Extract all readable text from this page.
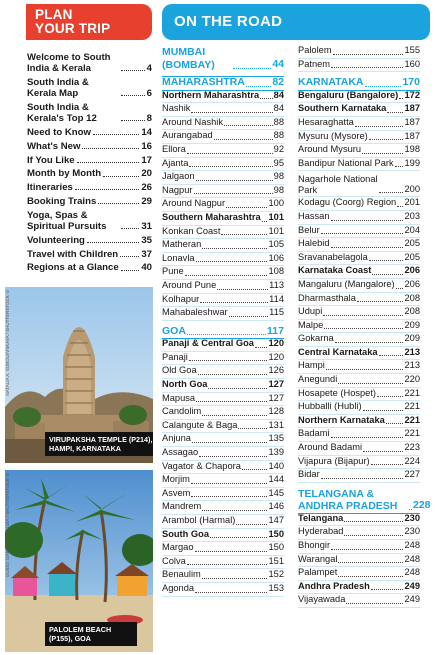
PLAN
YOUR TRIP	ON THE ROAD
Welcome to South India & Kerala	4
South India & Kerala Map	6
South India & Kerala's Top 12	8
Need to Know	14
What's New	16
If You Like	17
Month by Month	20
Itineraries	26
Booking Trains	29
Yoga, Spas & Spiritual Pursuits	31
Volunteering	35
Travel with Children 37
Regions at a Glance 40
NATALIA A. SOBOLEVSKAYA / SHUTTERSTOCK ©
VIRUPAKSHA TEMPLE (P214), HAMPI, KARNATAKA
GUIDO, GABRIELLA SALVIA / SHUTTERSTOCK ©
PALOLEM BEACH (P155), GOA
MUMBAI (BOMBAY)	44
MAHARASHTRA	82
Northern Maharashtra 84
Nashik	84
Around Nashik	88
Aurangabad	88
Ellora	92
Ajanta	95
Jalgaon	98
Nagpur	98
Around Nagpur	100
Southern Maharashtra 101
Konkan Coast	101
Matheran	105
Lonavla	106
Pune	108
Around Pune	113
Kolhapur	114
Mahabaleshwar	115
GOA	117
Panaji & Central Goa 120
Panaji	120
Old Goa	126
North Goa	127
Mapusa	127
Candolim	128
Calangute & Baga	131
Anjuna	135
Assagao	139
Vagator & Chapora	140
Morjim	144
Asvem	145
Mandrem	146
Arambol (Harmal)	147
South Goa	150
Margao	150
Colva	151
Benaulim	152
Agonda	153
Palolem	155
Patnem	160
KARNATAKA	170
Bengaluru (Bangalore) 172
Southern Karnataka 187
Hesaraghatta	187
Mysuru (Mysore)	187
Around Mysuru	198
Bandipur National Park 199
Nagarhole National Park	200
Kodagu (Coorg) Region 201
Hassan	203
Belur	204
Halebid	205
Sravanabelagola	205
Karnataka Coast	206
Mangaluru (Mangalore) 206
Dharmasthala	208
Udupi	208
Malpe	209
Gokarna	209
Central Karnataka	213
Hampi	213
Anegundi	220
Hosapete (Hospet)	221
Hubballi (Hubli)	221
Northern Karnataka 221
Badami	221
Around Badami	223
Vijapura (Bijapur)	224
Bidar	227
TELANGANA & ANDHRA PRADESH	228
Telangana	230
Hyderabad	230
Bhongir	248
Warangal	248
Palampet	248
Andhra Pradesh	249
Vijayawada	249
